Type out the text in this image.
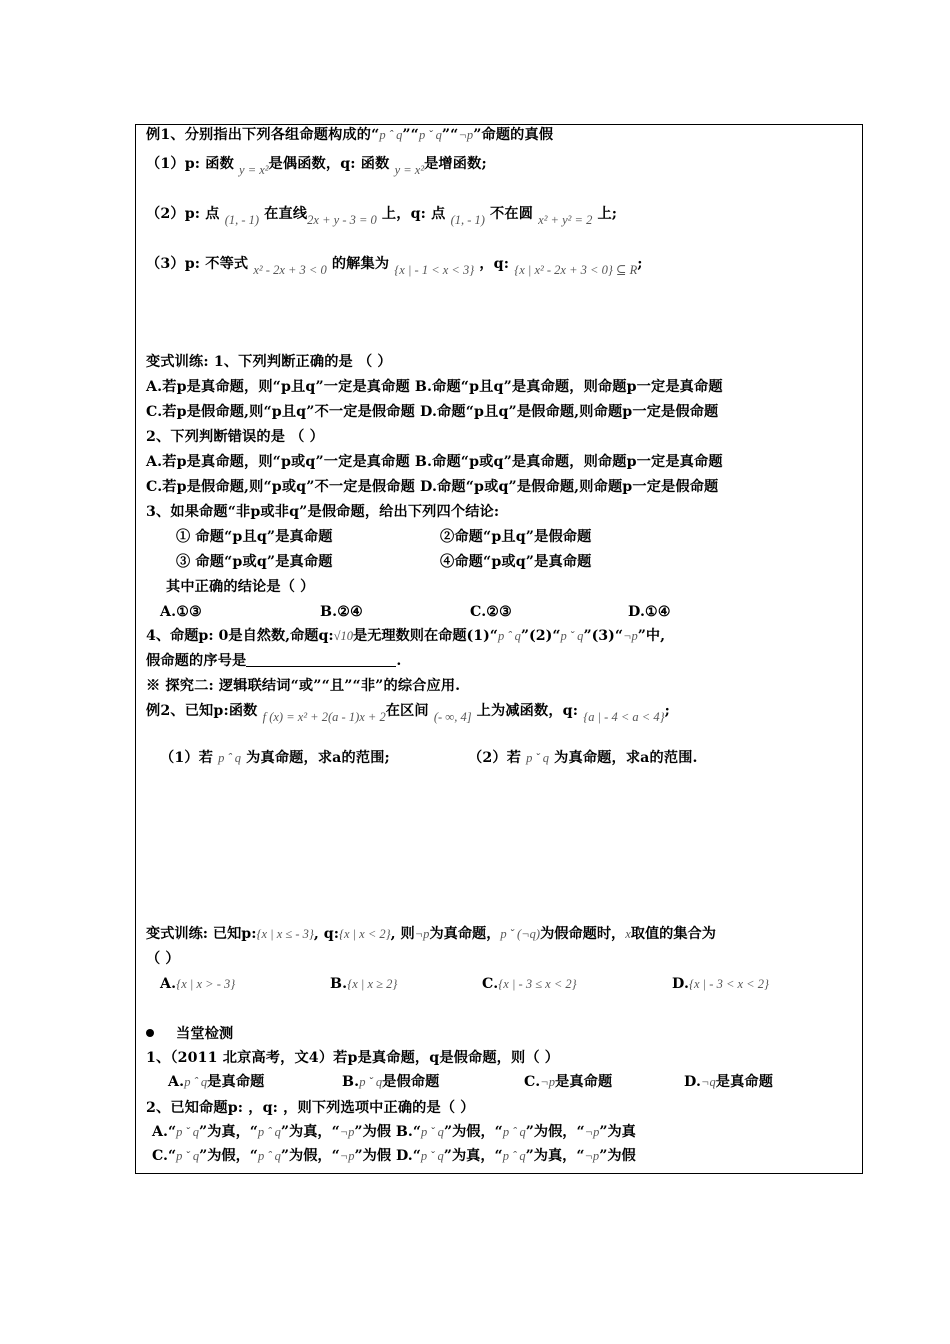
例1、分别指出下列各组命题构成的“p ˆ q”“p ˇ q”“¬p”命题的真假
（1）p: 函数 y = x²是偶函数，q: 函数 y = x²是增函数;
（2）p: 点 (1, - 1) 在直线2x + y - 3 = 0 上，q: 点 (1, - 1) 不在圆 x² + y² = 2 上;
（3）p: 不等式 x² - 2x + 3 < 0 的解集为 {x | - 1 < x < 3} ，q: {x | x² - 2x + 3 < 0} ⊆ R;
变式训练: 1、下列判断正确的是 （ ）
A.若p是真命题，则“p且q”一定是真命题 B.命题“p且q”是真命题，则命题p一定是真命题
C.若p是假命题,则“p且q”不一定是假命题 D.命题“p且q”是假命题,则命题p一定是假命题
2、下列判断错误的是 （ ）
A.若p是真命题，则“p或q”一定是真命题 B.命题“p或q”是真命题，则命题p一定是真命题
C.若p是假命题,则“p或q”不一定是假命题 D.命题“p或q”是假命题,则命题p一定是假命题
3、如果命题“非p或非q”是假命题，给出下列四个结论:
① 命题“p且q”是真命题	②命题“p且q”是假命题
③ 命题“p或q”是真命题	④命题“p或q”是真命题
其中正确的结论是（ ）
A.①③	B.②④	C.②③	D.①④
4、命题p: 0是自然数,命题q:√10是无理数则在命题(1)“p ˆ q”(2)“p ˇ q”(3)“¬p”中,
假命题的序号是	.
※ 探究二: 逻辑联结词“或”“且”“非”的综合应用.
例2、已知p:函数 f (x) = x² + 2(a - 1)x + 2在区间 (- ∞, 4] 上为减函数，q: {a | - 4 < a < 4};
（1）若 p ˆ q 为真命题，求a的范围;	（2）若 p ˇ q 为真命题，求a的范围.
变式训练: 已知p:{x | x ≤ - 3}, q:{x | x < 2}, 则¬p为真命题，p ˇ (¬q)为假命题时，x取值的集合为
（ ）
A.{x | x > - 3}	B.{x | x ≥ 2}	C.{x | - 3 ≤ x < 2}	D.{x | - 3 < x < 2}
当堂检测
1、（2011 北京高考，文4）若p是真命题，q是假命题，则（ ）
A.p ˆ q是真命题	B.p ˇ q是假命题	C.¬p是真命题	D.¬q是真命题
2、已知命题p: ，q: ，则下列选项中正确的是（ ）
A.“p ˇ q”为真，“p ˆ q”为真，“¬p”为假 B.“p ˇ q”为假，“p ˆ q”为假，“¬p”为真
C.“p ˇ q”为假，“p ˆ q”为假，“¬p”为假 D.“p ˇ q”为真，“p ˆ q”为真，“¬p”为假
